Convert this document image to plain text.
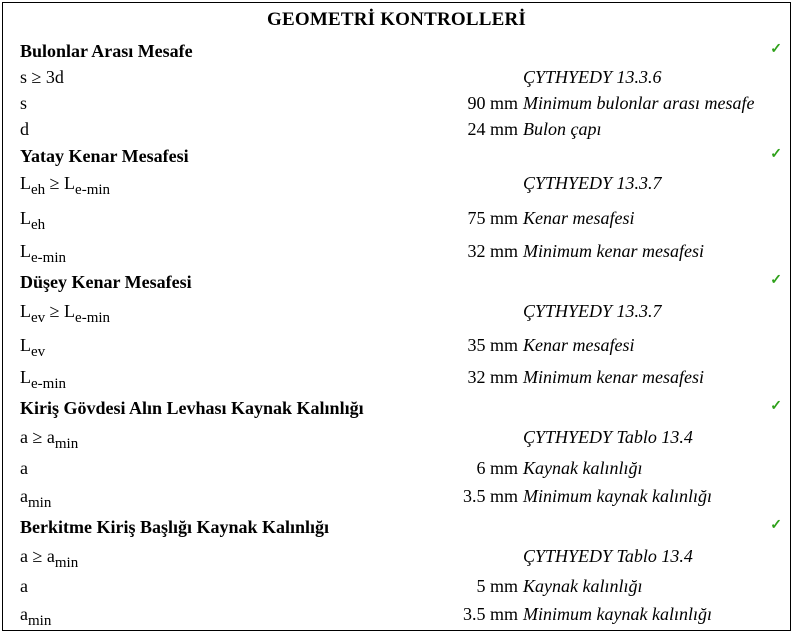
GEOMETRİ KONTROLLERİ
Bulonlar Arası Mesafe	✓
s ≥ 3d	ÇYTHYEDY 13.3.6
s	90 mm Minimum bulonlar arası mesafe
d	24 mm Bulon çapı
Yatay Kenar Mesafesi	✓
$L_{eh} \ge L_{e-min}$	ÇYTHYEDY 13.3.7
$L_{eh}$	75 mm Kenar mesafesi
$L_{e-min}$	32 mm Minimum kenar mesafesi
Düşey Kenar Mesafesi	✓
$L_{ev} \ge L_{e-min}$	ÇYTHYEDY 13.3.7
$L_{ev}$	35 mm Kenar mesafesi
$L_{e-min}$	32 mm Minimum kenar mesafesi
Kiriş Gövdesi Alın Levhası Kaynak Kalınlığı	✓
$a \ge a_{min}$	ÇYTHYEDY Tablo 13.4
a	6 mm Kaynak kalınlığı
$a_{min}$	3.5 mm Minimum kaynak kalınlığı
Berkitme Kiriş Başlığı Kaynak Kalınlığı	✓
$a \ge a_{min}$	ÇYTHYEDY Tablo 13.4
a	5 mm Kaynak kalınlığı
$a_{min}$	3.5 mm Minimum kaynak kalınlığı
